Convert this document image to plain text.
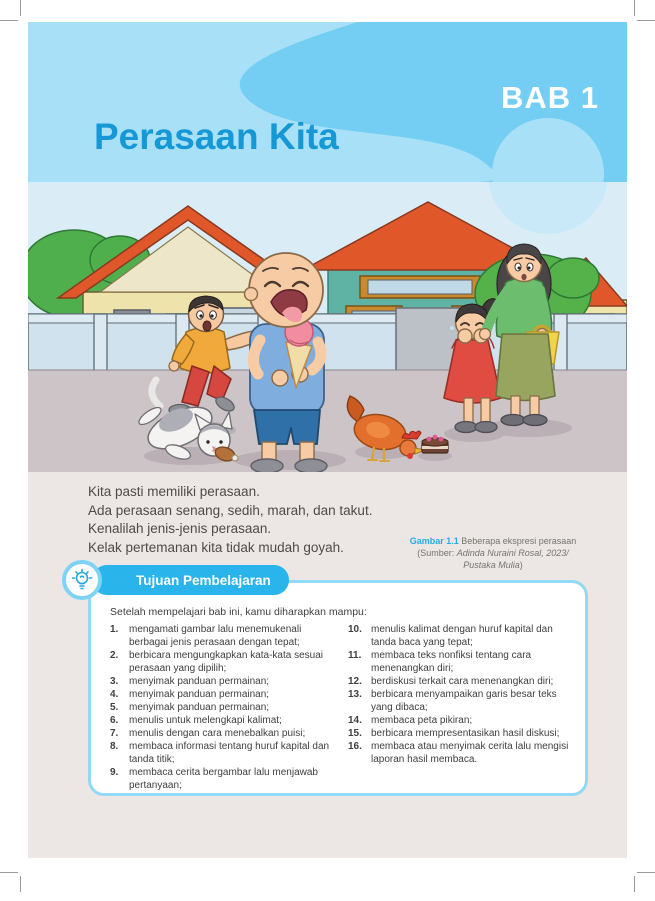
BAB 1
Perasaan Kita
Kita pasti memiliki perasaan.
Ada perasaan senang, sedih, marah, dan takut.
Kenalilah jenis-jenis perasaan.
Kelak pertemanan kita tidak mudah goyah.	Gambar 1.1 Beberapa ekspresi perasaan
(Sumber: Adinda Nuraini Rosal, 2023/
Pustaka Mulia)
Tujuan Pembelajaran
Setelah mempelajari bab ini, kamu diharapkan mampu:
1.	mengamati gambar lalu menemukenali berbagai jenis perasaan dengan tepat;
2.	berbicara mengungkapkan kata-kata sesuai perasaan yang dipilih;
3.	menyimak panduan permainan;
4.	menyimak panduan permainan;
5.	menyimak panduan permainan;
6.	menulis untuk melengkapi kalimat;
7.	menulis dengan cara menebalkan puisi;
8.	membaca informasi tentang huruf kapital dan tanda titik;
9.	membaca cerita bergambar lalu menjawab pertanyaan;
10. menulis kalimat dengan huruf kapital dan tanda baca yang tepat;
11. membaca teks nonfiksi tentang cara menenangkan diri;
12. berdiskusi terkait cara menenangkan diri;
13. berbicara menyampaikan garis besar teks yang dibaca;
14. membaca peta pikiran;
15. berbicara mempresentasikan hasil diskusi;
16. membaca atau menyimak cerita lalu mengisi laporan hasil membaca.
